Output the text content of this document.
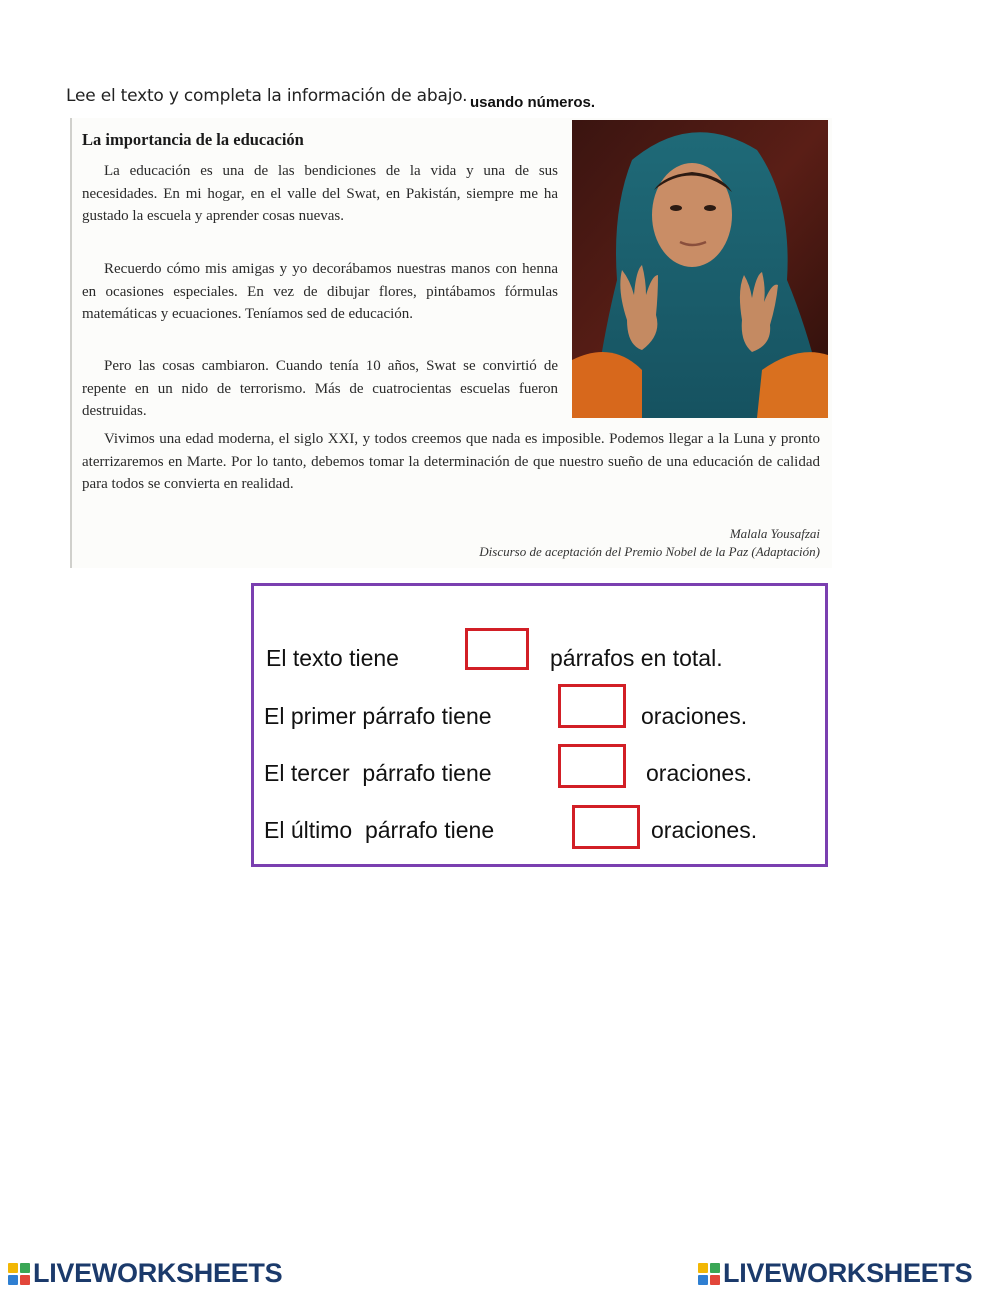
Lee el texto y completa la información de abajo. usando números.
La importancia de la educación

La educación es una de las bendiciones de la vida y una de sus necesidades. En mi hogar, en el valle del Swat, en Pakistán, siempre me ha gustado la escuela y aprender cosas nuevas.

Recuerdo cómo mis amigas y yo decorábamos nuestras manos con henna en ocasiones especiales. En vez de dibujar flores, pintábamos fórmulas matemáticas y ecuaciones. Teníamos sed de educación.

Pero las cosas cambiaron. Cuando tenía 10 años, Swat se convirtió de repente en un nido de terrorismo. Más de cuatrocientas escuelas fueron destruidas.

Vivimos una edad moderna, el siglo XXI, y todos creemos que nada es imposible. Podemos llegar a la Luna y pronto aterrizaremos en Marte. Por lo tanto, debemos tomar la determinación de que nuestro sueño de una educación de calidad para todos se convierta en realidad.

Malala Yousafzai
Discurso de aceptación del Premio Nobel de la Paz (Adaptación)
El texto tiene	párrafos en total.
El primer párrafo tiene	oraciones.
El tercer  párrafo tiene	oraciones.
El último  párrafo tiene	oraciones.
LIVEWORKSHEETS	LIVEWORKSHEETS
